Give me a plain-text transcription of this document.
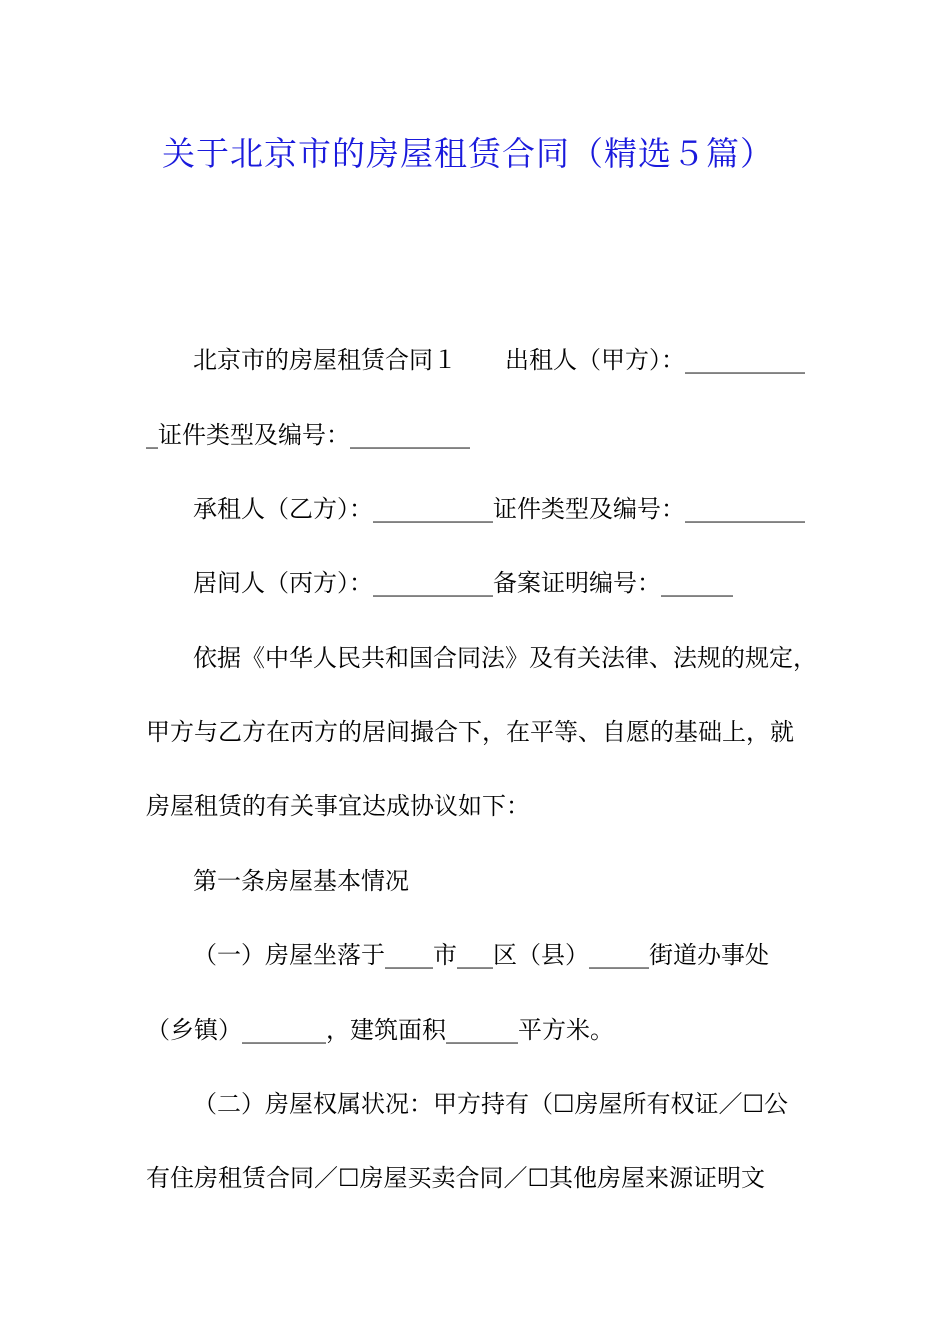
关于北京市的房屋租赁合同（精选５篇）
北京市的房屋租赁合同１ 出租人（甲方）：__________
_证件类型及编号：__________
承租人（乙方）：__________证件类型及编号：__________
居间人（丙方）：__________备案证明编号：______
依据《中华人民共和国合同法》及有关法律、法规的规定，
甲方与乙方在丙方的居间撮合下，在平等、自愿的基础上，就
房屋租赁的有关事宜达成协议如下：
第一条房屋基本情况
（一）房屋坐落于____市___区（县）_____街道办事处
（乡镇）_______，建筑面积______平方米。
（二）房屋权属状况：甲方持有（☐房屋所有权证／☐公
有住房租赁合同／☐房屋买卖合同／☐其他房屋来源证明文
